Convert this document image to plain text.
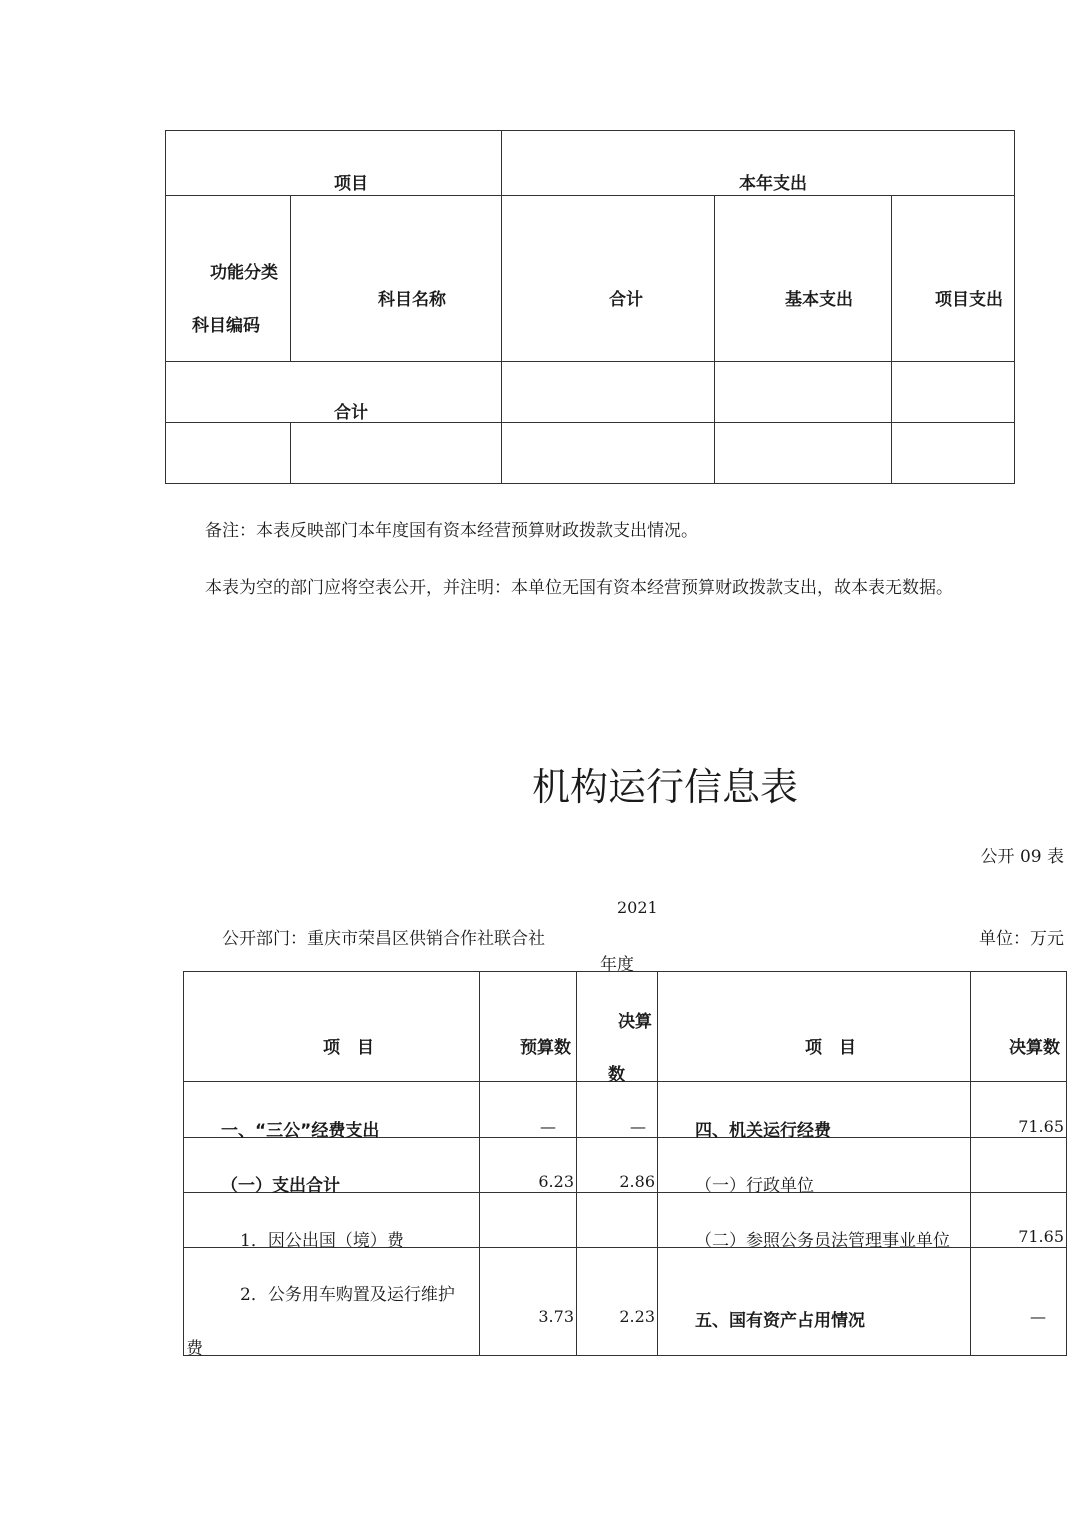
项目		本年支出		

功能分类
科目编码	科目名称	合计	基本支出	项目支出

合计				

备注：本表反映部门本年度国有资本经营预算财政拨款支出情况。
本表为空的部门应将空表公开，并注明：本单位无国有资本经营预算财政拨款支出，故本表无数据。
机构运行信息表
公开 09 表
2021
公开部门：重庆市荣昌区供销合作社联合社	单位：万元
年度
项　目	预算数	决算
数	项　目	决算数

一、“三公”经费支出	—	—	四、机关运行经费	71.65

（一）支出合计	6.23	2.86	（一）行政单位	

1．因公出国（境）费			（二）参照公务员法管理事业单位	71.65

2．公务用车购置及运行维护
费	3.73	2.23	五、国有资产占用情况	—
